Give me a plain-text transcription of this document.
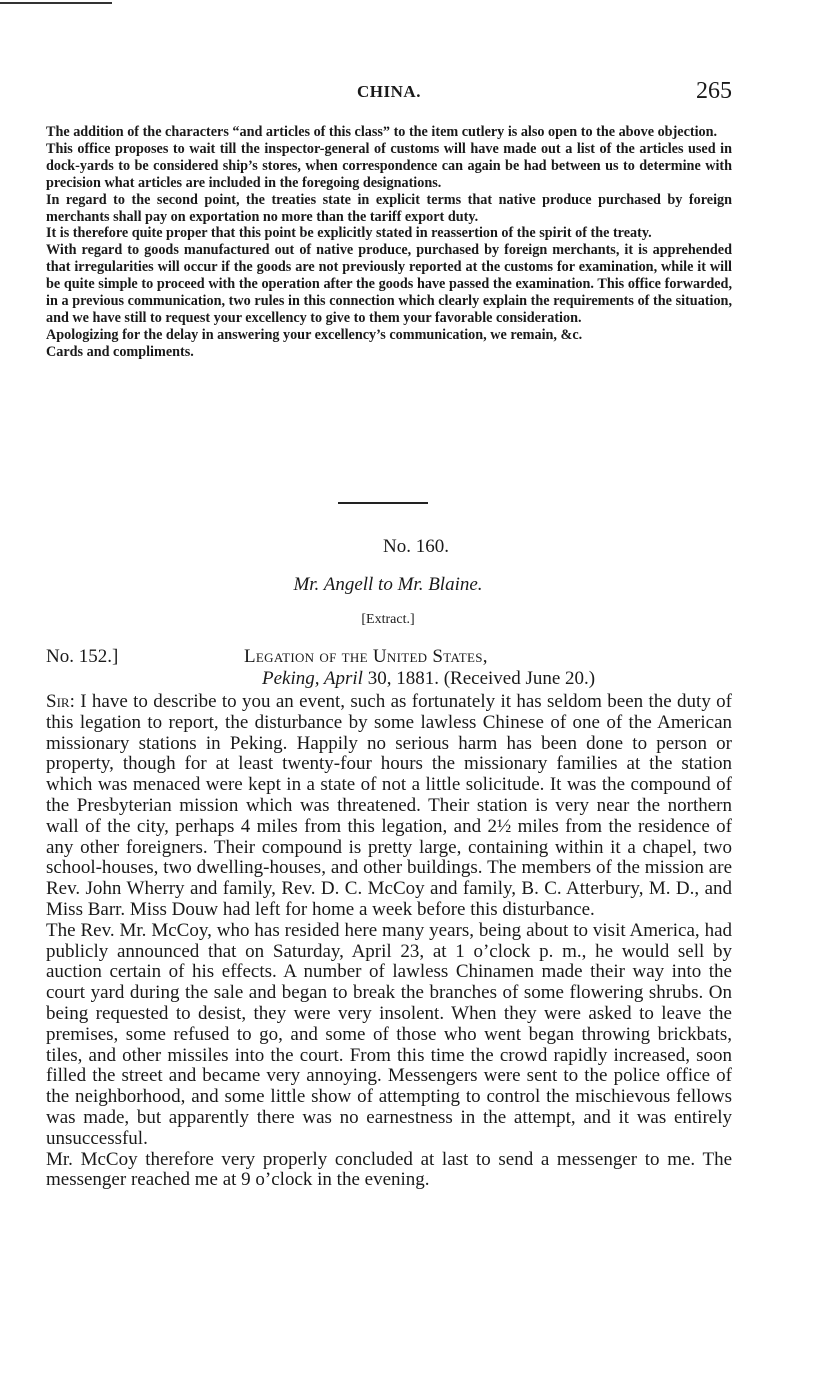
CHINA.	265

The addition of the characters “and articles of this class” to the item cutlery is also open to the above objection.

This office proposes to wait till the inspector-general of customs will have made out a list of the articles used in dock-yards to be considered ship’s stores, when correspondence can again be had between us to determine with precision what articles are included in the foregoing designations.

In regard to the second point, the treaties state in explicit terms that native produce purchased by foreign merchants shall pay on exportation no more than the tariff export duty.

It is therefore quite proper that this point be explicitly stated in reassertion of the spirit of the treaty.

With regard to goods manufactured out of native produce, purchased by foreign merchants, it is apprehended that irregularities will occur if the goods are not previously reported at the customs for examination, while it will be quite simple to proceed with the operation after the goods have passed the examination. This office forwarded, in a previous communication, two rules in this connection which clearly explain the requirements of the situation, and we have still to request your excellency to give to them your favorable consideration.

Apologizing for the delay in answering your excellency’s communication, we remain, &c.

Cards and compliments.

No. 160.
Mr. Angell to Mr. Blaine.
[Extract.]
No. 152.]	Legation of the United States,
Peking, April 30, 1881. (Received June 20.)

Sir: I have to describe to you an event, such as fortunately it has seldom been the duty of this legation to report, the disturbance by some lawless Chinese of one of the American missionary stations in Peking. Happily no serious harm has been done to person or property, though for at least twenty-four hours the missionary families at the station which was menaced were kept in a state of not a little solicitude. It was the compound of the Presbyterian mission which was threatened. Their station is very near the northern wall of the city, perhaps 4 miles from this legation, and 2½ miles from the residence of any other foreigners. Their compound is pretty large, containing within it a chapel, two school-houses, two dwelling-houses, and other buildings. The members of the mission are Rev. John Wherry and family, Rev. D. C. McCoy and family, B. C. Atterbury, M. D., and Miss Barr. Miss Douw had left for home a week before this disturbance.

The Rev. Mr. McCoy, who has resided here many years, being about to visit America, had publicly announced that on Saturday, April 23, at 1 o’clock p. m., he would sell by auction certain of his effects. A number of lawless Chinamen made their way into the court yard during the sale and began to break the branches of some flowering shrubs. On being requested to desist, they were very insolent. When they were asked to leave the premises, some refused to go, and some of those who went began throwing brickbats, tiles, and other missiles into the court. From this time the crowd rapidly increased, soon filled the street and became very annoying. Messengers were sent to the police office of the neighborhood, and some little show of attempting to control the mischievous fellows was made, but apparently there was no earnestness in the attempt, and it was entirely unsuccessful.

Mr. McCoy therefore very properly concluded at last to send a messenger to me. The messenger reached me at 9 o’clock in the evening.
